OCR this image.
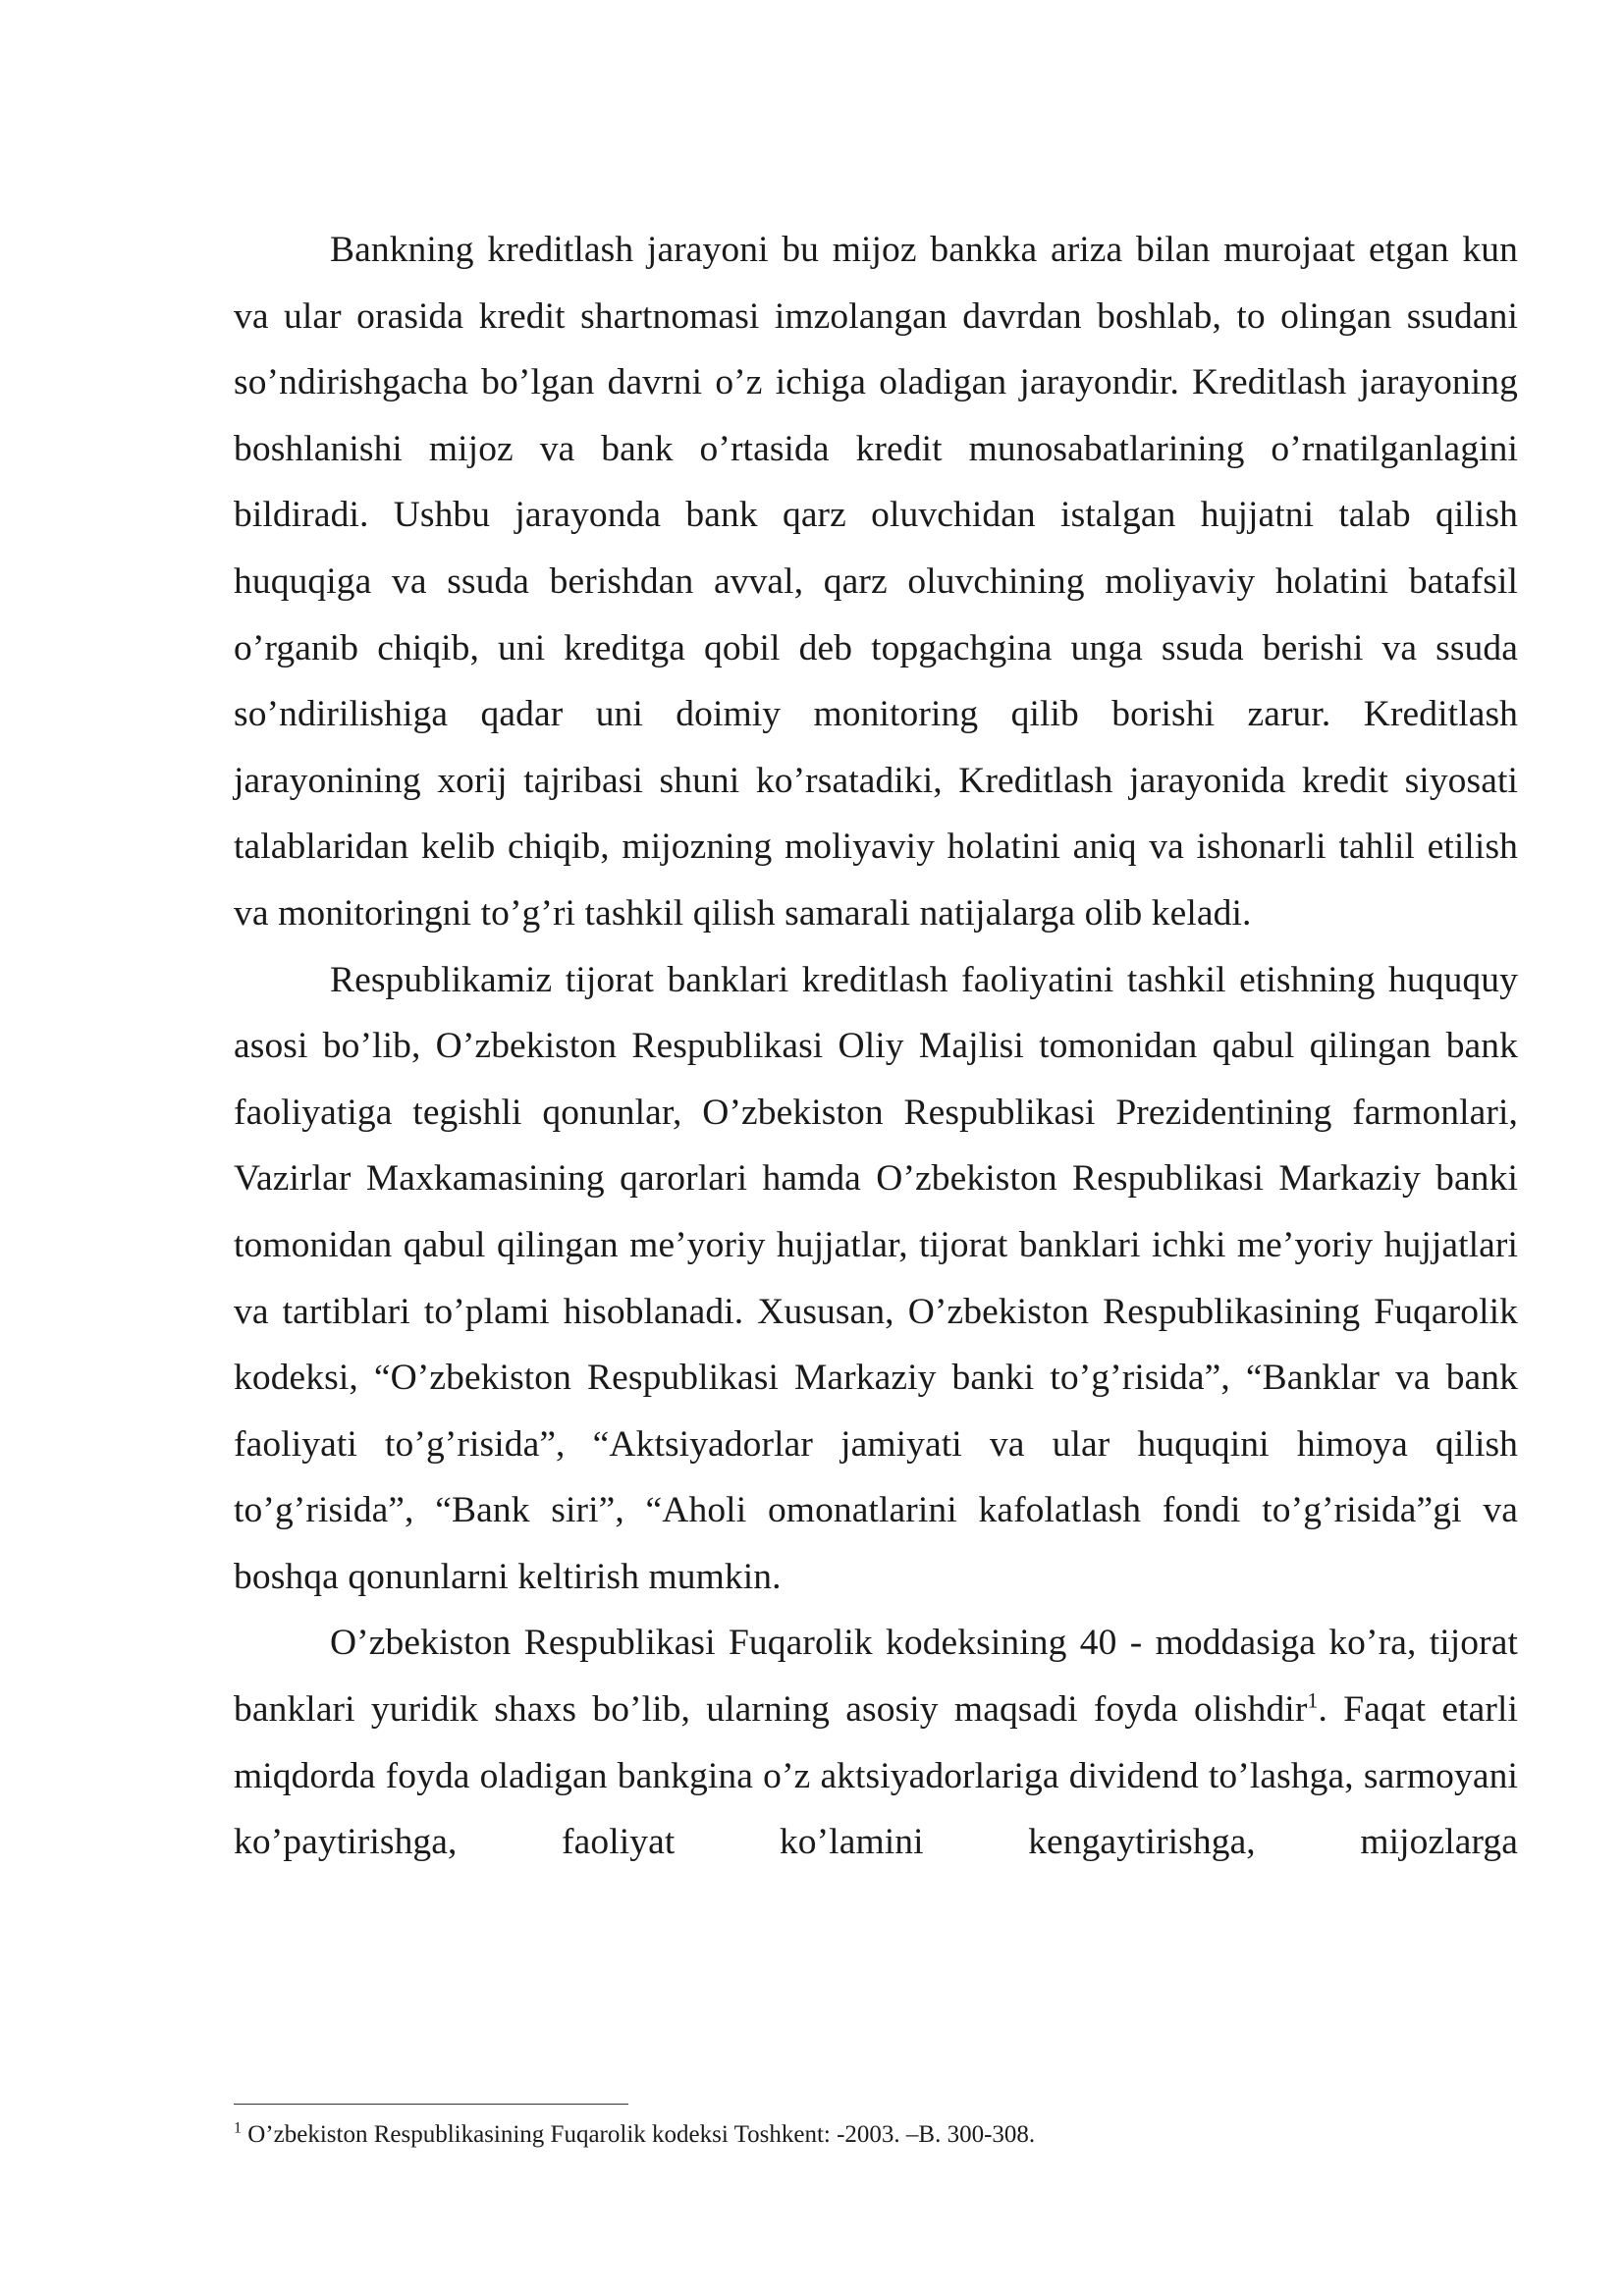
Bankning kreditlash jarayoni bu mijoz bankka ariza bilan murojaat etgan kun va ular orasida kredit shartnomasi imzolangan davrdan boshlab, to olingan ssudani so’ndirishgacha bo’lgan davrni o’z ichiga oladigan jarayondir. Kreditlash jarayoning boshlanishi mijoz va bank o’rtasida kredit munosabatlarining o’rnatilganlagini bildiradi. Ushbu jarayonda bank qarz oluvchidan istalgan hujjatni talab qilish huquqiga va ssuda berishdan avval, qarz oluvchining moliyaviy holatini batafsil o’rganib chiqib, uni kreditga qobil deb topgachgina unga ssuda berishi va ssuda so’ndirilishiga qadar uni doimiy monitoring qilib borishi zarur. Kreditlash jarayonining xorij tajribasi shuni ko’rsatadiki, Kreditlash jarayonida kredit siyosati talablaridan kelib chiqib, mijozning moliyaviy holatini aniq va ishonarli tahlil etilish va monitoringni to’g’ri tashkil qilish samarali natijalarga olib keladi.

Respublikamiz tijorat banklari kreditlash faoliyatini tashkil etishning huququy asosi bo’lib, O’zbekiston Respublikasi Oliy Majlisi tomonidan qabul qilingan bank faoliyatiga tegishli qonunlar, O’zbekiston Respublikasi Prezidentining farmonlari, Vazirlar Maxkamasining qarorlari hamda O’zbekiston Respublikasi Markaziy banki tomonidan qabul qilingan me’yoriy hujjatlar, tijorat banklari ichki me’yoriy hujjatlari va tartiblari to’plami hisoblanadi. Xususan, O’zbekiston Respublikasining Fuqarolik kodeksi, “O’zbekiston Respublikasi Markaziy banki to’g’risida”, “Banklar va bank faoliyati to’g’risida”, “Aktsiyadorlar jamiyati va ular huquqini himoya qilish to’g’risida”, “Bank siri”, “Aholi omonatlarini kafolatlash fondi to’g’risida”gi va boshqa qonunlarni keltirish mumkin.

O’zbekiston Respublikasi Fuqarolik kodeksining 40 - moddasiga ko’ra, tijorat banklari yuridik shaxs bo’lib, ularning asosiy maqsadi foyda olishdir$^1$. Faqat etarli miqdorda foyda oladigan bankgina o’z aktsiyadorlariga dividend to’lashga, sarmoyani ko’paytirishga, faoliyat ko’lamini kengaytirishga, mijozlarga

$^1$ O’zbekiston Respublikasining Fuqarolik kodeksi Toshkent: -2003. –B. 300-308.
